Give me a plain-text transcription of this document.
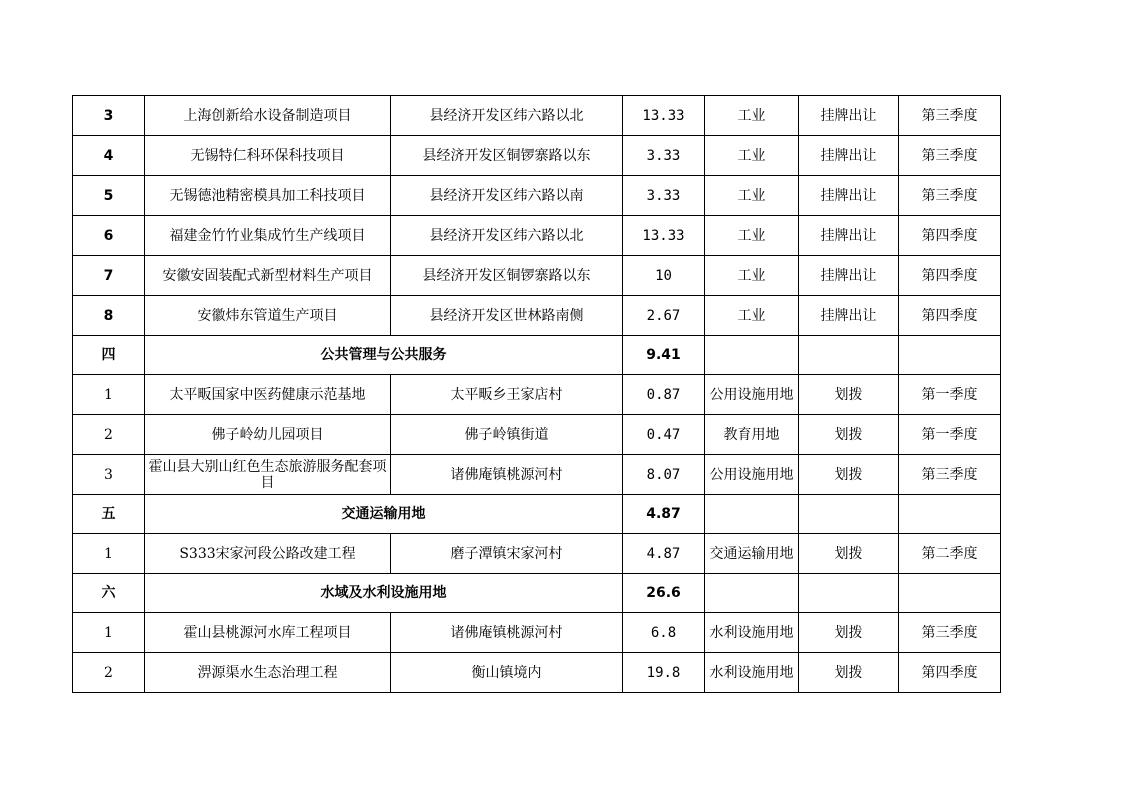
3	上海创新给水设备制造项目	县经济开发区纬六路以北	13.33	工业	挂牌出让	第三季度
4	无锡特仁科环保科技项目	县经济开发区铜锣寨路以东	3.33	工业	挂牌出让	第三季度
5	无锡德池精密模具加工科技项目	县经济开发区纬六路以南	3.33	工业	挂牌出让	第三季度
6	福建金竹竹业集成竹生产线项目	县经济开发区纬六路以北	13.33	工业	挂牌出让	第四季度
7	安徽安固装配式新型材料生产项目	县经济开发区铜锣寨路以东	10	工业	挂牌出让	第四季度
8	安徽炜东管道生产项目	县经济开发区世林路南侧	2.67	工业	挂牌出让	第四季度
四	公共管理与公共服务		9.41			
1	太平畈国家中医药健康示范基地	太平畈乡王家店村	0.87	公用设施用地	划拨	第一季度
2	佛子岭幼儿园项目	佛子岭镇街道	0.47	教育用地	划拨	第一季度
3	霍山县大别山红色生态旅游服务配套项目	诸佛庵镇桃源河村	8.07	公用设施用地	划拨	第三季度
五	交通运输用地		4.87			
1	S333宋家河段公路改建工程	磨子潭镇宋家河村	4.87	交通运输用地	划拨	第二季度
六	水域及水利设施用地		26.6			
1	霍山县桃源河水库工程项目	诸佛庵镇桃源河村	6.8	水利设施用地	划拨	第三季度
2	淠源渠水生态治理工程	衡山镇境内	19.8	水利设施用地	划拨	第四季度
